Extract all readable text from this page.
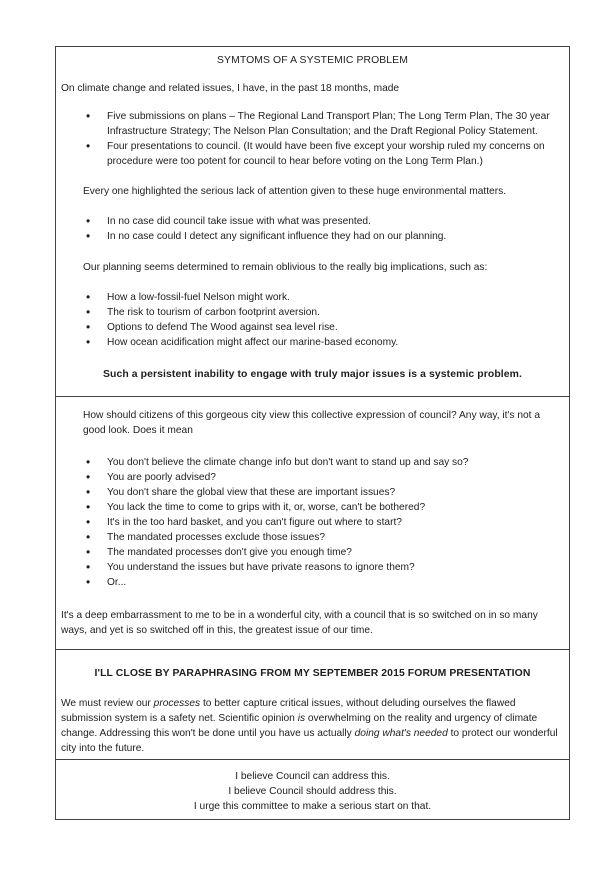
SYMTOMS OF A SYSTEMIC PROBLEM

On climate change and related issues, I have, in the past 18 months, made

• Five submissions on plans – The Regional Land Transport Plan; The Long Term Plan, The 30 year Infrastructure Strategy; The Nelson Plan Consultation; and the Draft Regional Policy Statement.
• Four presentations to council. (It would have been five except your worship ruled my concerns on procedure were too potent for council to hear before voting on the Long Term Plan.)

Every one highlighted the serious lack of attention given to these huge environmental matters.

• In no case did council take issue with what was presented.
• In no case could I detect any significant influence they had on our planning.

Our planning seems determined to remain oblivious to the really big implications, such as:

• How a low-fossil-fuel Nelson might work.
• The risk to tourism of carbon footprint aversion.
• Options to defend The Wood against sea level rise.
• How ocean acidification might affect our marine-based economy.
Such a persistent inability to engage with truly major issues is a systemic problem.

How should citizens of this gorgeous city view this collective expression of council? Any way, it's not a good look. Does it mean

• You don't believe the climate change info but don't want to stand up and say so?
• You are poorly advised?
• You don't share the global view that these are important issues?
• You lack the time to come to grips with it, or, worse, can't be bothered?
• It's in the too hard basket, and you can't figure out where to start?
• The mandated processes exclude those issues?
• The mandated processes don't give you enough time?
• You understand the issues but have private reasons to ignore them?
• Or...

It's a deep embarrassment to me to be in a wonderful city, with a council that is so switched on in so many ways, and yet is so switched off in this, the greatest issue of our time.

I'LL CLOSE BY PARAPHRASING FROM MY SEPTEMBER 2015 FORUM PRESENTATION

We must review our processes to better capture critical issues, without deluding ourselves the flawed submission system is a safety net. Scientific opinion is overwhelming on the reality and urgency of climate change. Addressing this won't be done until you have us actually doing what's needed to protect our wonderful city into the future.

I believe Council can address this.
I believe Council should address this.
I urge this committee to make a serious start on that.
